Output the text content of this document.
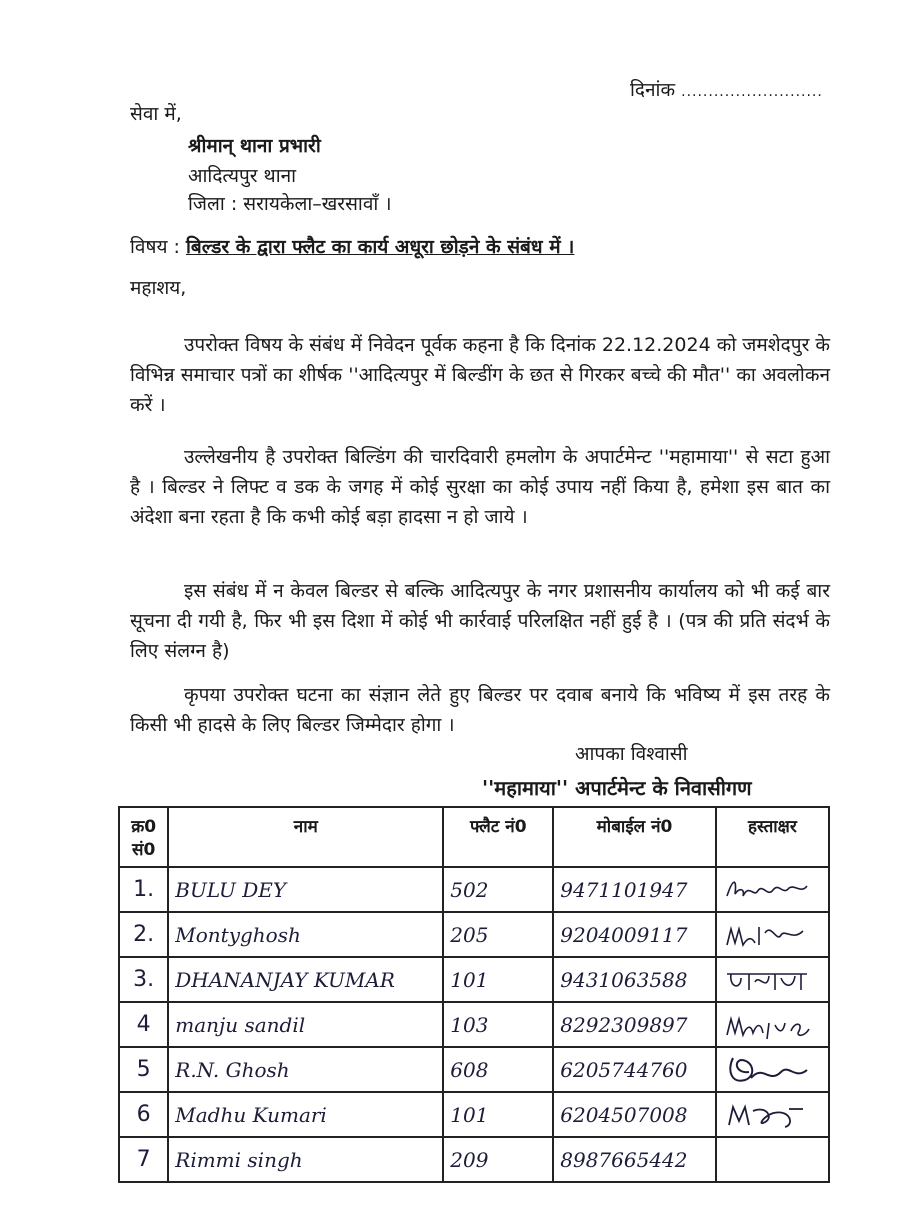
दिनांक ..........................
सेवा में,
श्रीमान् थाना प्रभारी
आदित्यपुर थाना
जिला : सरायकेला–खरसावाँ ।
विषय : बिल्डर के द्वारा फ्लैट का कार्य अधूरा छोड़ने के संबंध में ।
महाशय,
उपरोक्त विषय के संबंध में निवेदन पूर्वक कहना है कि दिनांक 22.12.2024 को जमशेदपुर के विभिन्न समाचार पत्रों का शीर्षक ''आदित्यपुर में बिल्डींग के छत से गिरकर बच्चे की मौत'' का अवलोकन करें ।
उल्लेखनीय है उपरोक्त बिल्डिंग की चारदिवारी हमलोग के अपार्टमेन्ट ''महामाया'' से सटा हुआ है । बिल्डर ने लिफ्ट व डक के जगह में कोई सुरक्षा का कोई उपाय नहीं किया है, हमेशा इस बात का अंदेशा बना रहता है कि कभी कोई बड़ा हादसा न हो जाये ।
इस संबंध में न केवल बिल्डर से बल्कि आदित्यपुर के नगर प्रशासनीय कार्यालय को भी कई बार सूचना दी गयी है, फिर भी इस दिशा में कोई भी कार्रवाई परिलक्षित नहीं हुई है । (पत्र की प्रति संदर्भ के लिए संलग्न है)
कृपया उपरोक्त घटना का संज्ञान लेते हुए बिल्डर पर दवाब बनाये कि भविष्य में इस तरह के किसी भी हादसे के लिए बिल्डर जिम्मेदार होगा ।
आपका विश्वासी
''महामाया'' अपार्टमेन्ट के निवासीगण
क्र0 सं0	नाम	फ्लैट नं0	मोबाईल नं0	हस्ताक्षर
1.	BULU DEY	502	9471101947	

2.	Montyghosh	205	9204009117	

3.	DHANANJAY KUMAR	101	9431063588	

4	manju sandil	103	8292309897	

5	R.N. Ghosh	608	6205744760	

6	Madhu Kumari	101	6204507008	

7	Rimmi singh	209	8987665442	
